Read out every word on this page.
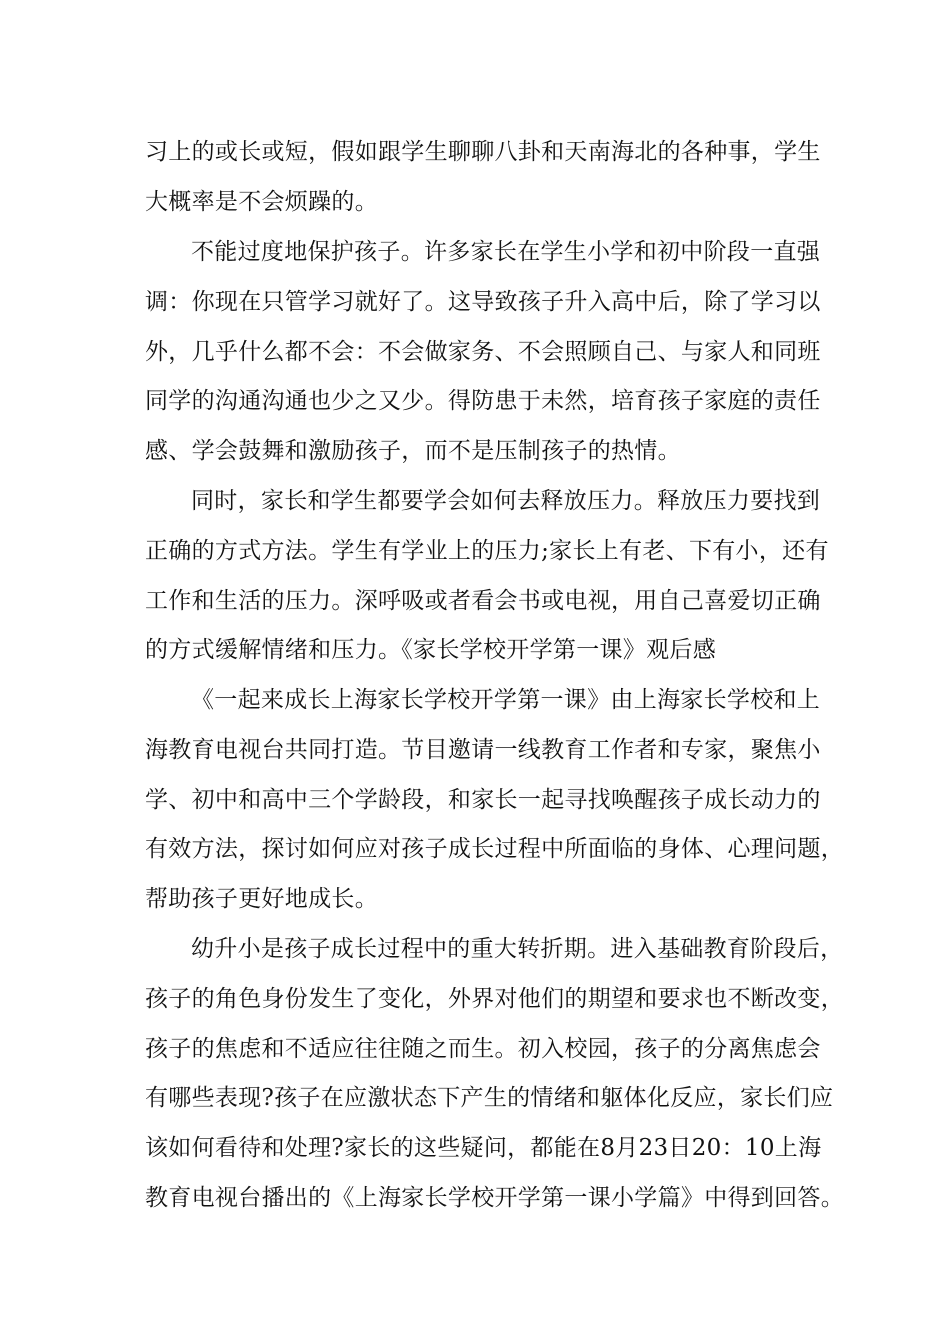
习上的或长或短，假如跟学生聊聊八卦和天南海北的各种事，学生
大概率是不会烦躁的。
不能过度地保护孩子。许多家长在学生小学和初中阶段一直强
调：你现在只管学习就好了。这导致孩子升入高中后，除了学习以
外，几乎什么都不会：不会做家务、不会照顾自己、与家人和同班
同学的沟通沟通也少之又少。得防患于未然，培育孩子家庭的责任
感、学会鼓舞和激励孩子，而不是压制孩子的热情。
同时，家长和学生都要学会如何去释放压力。释放压力要找到
正确的方式方法。学生有学业上的压力;家长上有老、下有小，还有
工作和生活的压力。深呼吸或者看会书或电视，用自己喜爱切正确
的方式缓解情绪和压力。《家长学校开学第一课》观后感
《一起来成长上海家长学校开学第一课》由上海家长学校和上
海教育电视台共同打造。节目邀请一线教育工作者和专家，聚焦小
学、初中和高中三个学龄段，和家长一起寻找唤醒孩子成长动力的
有效方法，探讨如何应对孩子成长过程中所面临的身体、心理问题，
帮助孩子更好地成长。
幼升小是孩子成长过程中的重大转折期。进入基础教育阶段后，
孩子的角色身份发生了变化，外界对他们的期望和要求也不断改变，
孩子的焦虑和不适应往往随之而生。初入校园，孩子的分离焦虑会
有哪些表现?孩子在应激状态下产生的情绪和躯体化反应，家长们应
该如何看待和处理?家长的这些疑问，都能在8月23日20：10上海
教育电视台播出的《上海家长学校开学第一课小学篇》中得到回答。
